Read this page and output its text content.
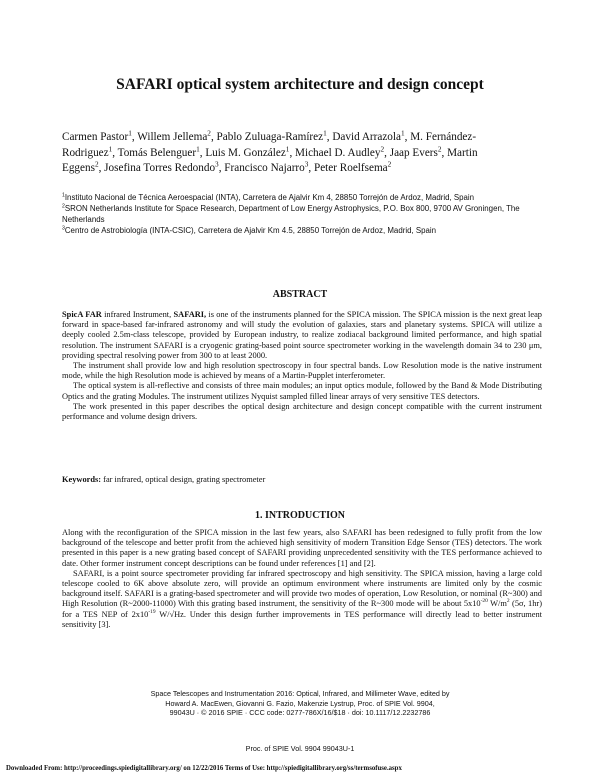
SAFARI optical system architecture and design concept
Carmen Pastor$^1$, Willem Jellema$^2$, Pablo Zuluaga-Ramírez$^1$, David Arrazola$^1$, M. Fernández-
Rodriguez$^1$, Tomás Belenguer$^1$, Luis M. González$^1$, Michael D. Audley$^2$, Jaap Evers$^2$, Martin
Eggens$^2$, Josefina Torres Redondo$^3$, Francisco Najarro$^3$, Peter Roelfsema$^2$
$^1$Instituto Nacional de Técnica Aeroespacial (INTA), Carretera de Ajalvir Km 4, 28850 Torrejón de Ardoz, Madrid, Spain
$^2$SRON Netherlands Institute for Space Research, Department of Low Energy Astrophysics, P.O. Box 800, 9700 AV Groningen, The Netherlands
$^3$Centro de Astrobiología (INTA-CSIC), Carretera de Ajalvir Km 4.5, 28850 Torrejón de Ardoz, Madrid, Spain
ABSTRACT

SpicA FAR infrared Instrument, SAFARI, is one of the instruments planned for the SPICA mission. The SPICA mission is the next great leap forward in space-based far-infrared astronomy and will study the evolution of galaxies, stars and planetary systems. SPICA will utilize a deeply cooled 2.5m-class telescope, provided by European industry, to realize zodiacal background limited performance, and high spatial resolution. The instrument SAFARI is a cryogenic grating-based point source spectrometer working in the wavelength domain 34 to 230 μm, providing spectral resolving power from 300 to at least 2000.

The instrument shall provide low and high resolution spectroscopy in four spectral bands. Low Resolution mode is the native instrument mode, while the high Resolution mode is achieved by means of a Martin-Pupplet interferometer.

The optical system is all-reflective and consists of three main modules; an input optics module, followed by the Band & Mode Distributing Optics and the grating Modules. The instrument utilizes Nyquist sampled filled linear arrays of very sensitive TES detectors.

The work presented in this paper describes the optical design architecture and design concept compatible with the current instrument performance and volume design drivers.

Keywords: far infrared, optical design, grating spectrometer
1. INTRODUCTION

Along with the reconfiguration of the SPICA mission in the last few years, also SAFARI has been redesigned to fully profit from the low background of the telescope and better profit from the achieved high sensitivity of modern Transition Edge Sensor (TES) detectors. The work presented in this paper is a new grating based concept of SAFARI providing unprecedented sensitivity with the TES performance achieved to date. Other former instrument concept descriptions can be found under references [1] and [2].

SAFARI, is a point source spectrometer providing far infrared spectroscopy and high sensitivity. The SPICA mission, having a large cold telescope cooled to 6K above absolute zero, will provide an optimum environment where instruments are limited only by the cosmic background itself. SAFARI is a grating-based spectrometer and will provide two modes of operation, Low Resolution, or nominal (R~300) and High Resolution (R~2000-11000) With this grating based instrument, the sensitivity of the R~300 mode will be about $5x10^{-20}$ $W/m^2$ (5σ, 1hr) for a TES NEP of $2x10^{-19}$ W/√Hz. Under this design further improvements in TES performance will directly lead to better instrument sensitivity [3].

Space Telescopes and Instrumentation 2016: Optical, Infrared, and Millimeter Wave, edited by
Howard A. MacEwen, Giovanni G. Fazio, Makenzie Lystrup, Proc. of SPIE Vol. 9904,
99043U · © 2016 SPIE · CCC code: 0277-786X/16/$18 · doi: 10.1117/12.2232786
Proc. of SPIE Vol. 9904 99043U-1
Downloaded From: http://proceedings.spiedigitallibrary.org/ on 12/22/2016 Terms of Use: http://spiedigitallibrary.org/ss/termsofuse.aspx
